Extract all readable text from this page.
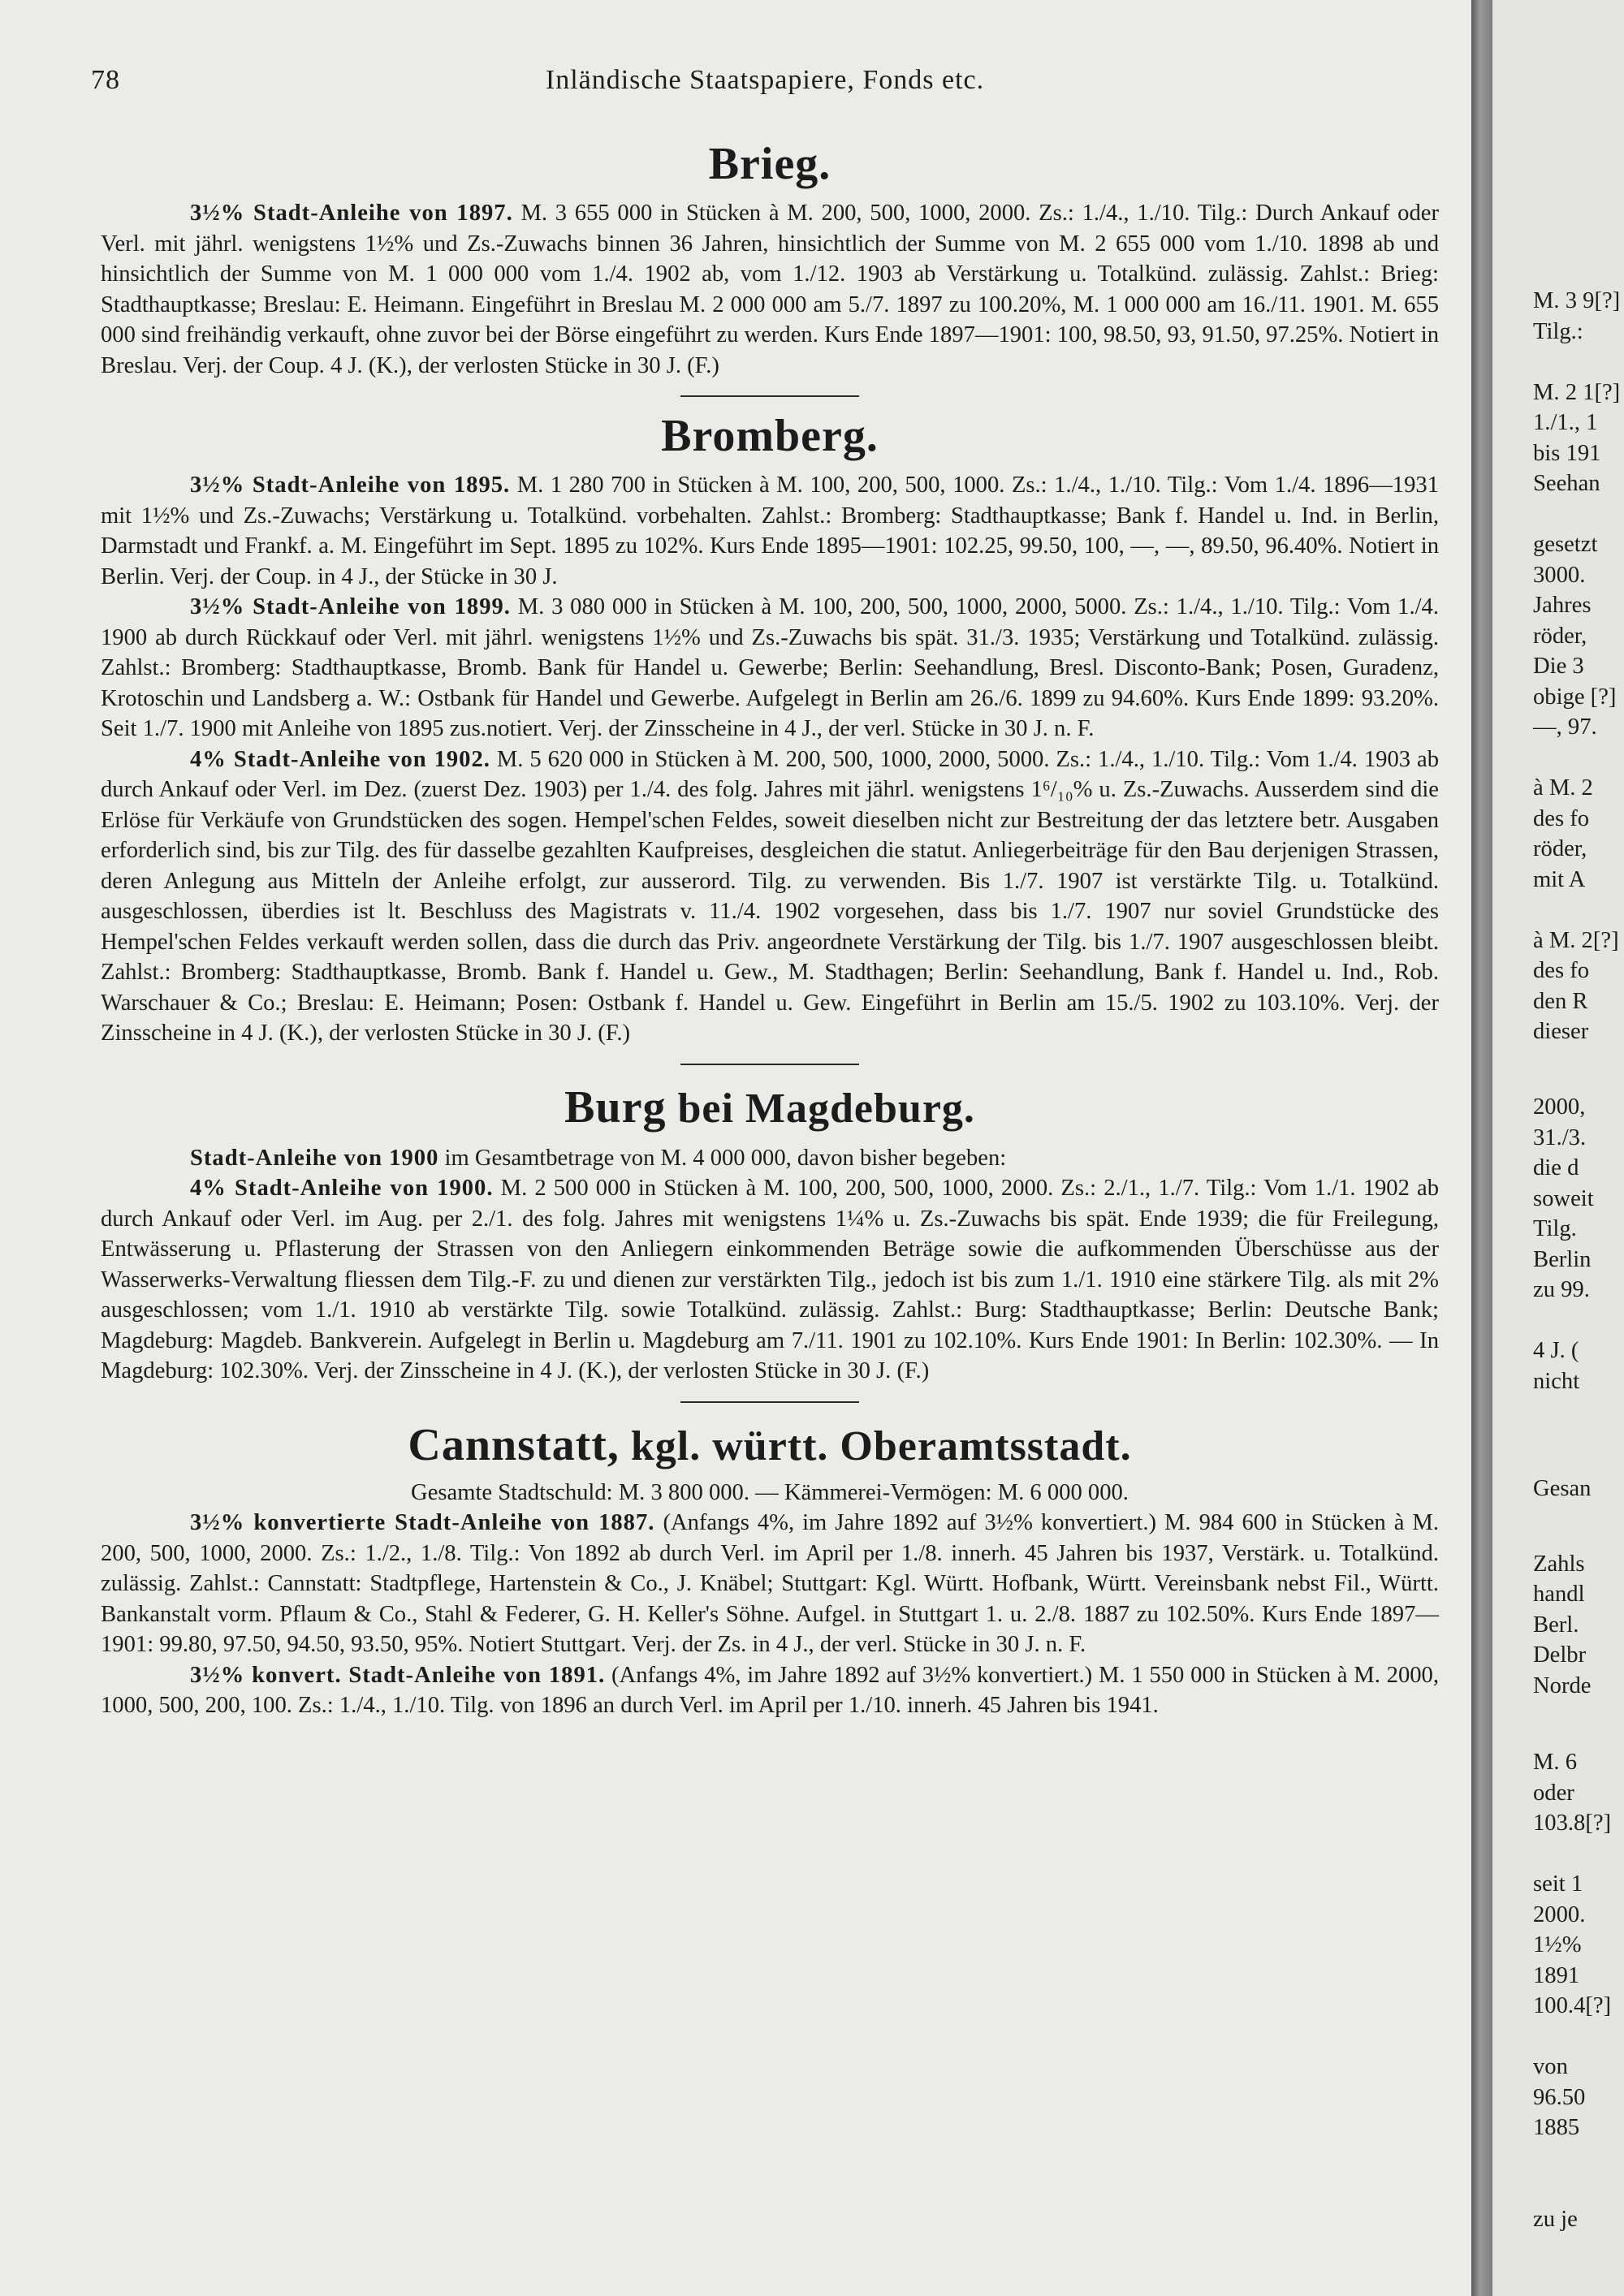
78	Inländische Staatspapiere, Fonds etc.
Brieg.

3½% Stadt-Anleihe von 1897. M. 3 655 000 in Stücken à M. 200, 500, 1000, 2000. Zs.: 1./4., 1./10. Tilg.: Durch Ankauf oder Verl. mit jährl. wenigstens 1½% und Zs.-Zuwachs binnen 36 Jahren, hinsichtlich der Summe von M. 2 655 000 vom 1./10. 1898 ab und hinsichtlich der Summe von M. 1 000 000 vom 1./4. 1902 ab, vom 1./12. 1903 ab Verstärkung u. Totalkünd. zulässig. Zahlst.: Brieg: Stadthauptkasse; Breslau: E. Heimann. Eingeführt in Breslau M. 2 000 000 am 5./7. 1897 zu 100.20%, M. 1 000 000 am 16./11. 1901. M. 655 000 sind freihändig verkauft, ohne zuvor bei der Börse eingeführt zu werden. Kurs Ende 1897—1901: 100, 98.50, 93, 91.50, 97.25%. Notiert in Breslau. Verj. der Coup. 4 J. (K.), der verlosten Stücke in 30 J. (F.)

Bromberg.

3½% Stadt-Anleihe von 1895. M. 1 280 700 in Stücken à M. 100, 200, 500, 1000. Zs.: 1./4., 1./10. Tilg.: Vom 1./4. 1896—1931 mit 1½% und Zs.-Zuwachs; Verstärkung u. Totalkünd. vorbehalten. Zahlst.: Bromberg: Stadthauptkasse; Bank f. Handel u. Ind. in Berlin, Darmstadt und Frankf. a. M. Eingeführt im Sept. 1895 zu 102%. Kurs Ende 1895—1901: 102.25, 99.50, 100, —, —, 89.50, 96.40%. Notiert in Berlin. Verj. der Coup. in 4 J., der Stücke in 30 J.

3½% Stadt-Anleihe von 1899. M. 3 080 000 in Stücken à M. 100, 200, 500, 1000, 2000, 5000. Zs.: 1./4., 1./10. Tilg.: Vom 1./4. 1900 ab durch Rückkauf oder Verl. mit jährl. wenigstens 1½% und Zs.-Zuwachs bis spät. 31./3. 1935; Verstärkung und Totalkünd. zulässig. Zahlst.: Bromberg: Stadthauptkasse, Bromb. Bank für Handel u. Gewerbe; Berlin: Seehandlung, Bresl. Disconto-Bank; Posen, Guradenz, Krotoschin und Landsberg a. W.: Ostbank für Handel und Gewerbe. Aufgelegt in Berlin am 26./6. 1899 zu 94.60%. Kurs Ende 1899: 93.20%. Seit 1./7. 1900 mit Anleihe von 1895 zus.notiert. Verj. der Zinsscheine in 4 J., der verl. Stücke in 30 J. n. F.

4% Stadt-Anleihe von 1902. M. 5 620 000 in Stücken à M. 200, 500, 1000, 2000, 5000. Zs.: 1./4., 1./10. Tilg.: Vom 1./4. 1903 ab durch Ankauf oder Verl. im Dez. (zuerst Dez. 1903) per 1./4. des folg. Jahres mit jährl. wenigstens 1⁶/₁₀% u. Zs.-Zuwachs. Ausserdem sind die Erlöse für Verkäufe von Grundstücken des sogen. Hempel'schen Feldes, soweit dieselben nicht zur Bestreitung der das letztere betr. Ausgaben erforderlich sind, bis zur Tilg. des für dasselbe gezahlten Kaufpreises, desgleichen die statut. Anliegerbeiträge für den Bau derjenigen Strassen, deren Anlegung aus Mitteln der Anleihe erfolgt, zur ausserord. Tilg. zu verwenden. Bis 1./7. 1907 ist verstärkte Tilg. u. Totalkünd. ausgeschlossen, überdies ist lt. Beschluss des Magistrats v. 11./4. 1902 vorgesehen, dass bis 1./7. 1907 nur soviel Grundstücke des Hempel'schen Feldes verkauft werden sollen, dass die durch das Priv. angeordnete Verstärkung der Tilg. bis 1./7. 1907 ausgeschlossen bleibt. Zahlst.: Bromberg: Stadthauptkasse, Bromb. Bank f. Handel u. Gew., M. Stadthagen; Berlin: Seehandlung, Bank f. Handel u. Ind., Rob. Warschauer & Co.; Breslau: E. Heimann; Posen: Ostbank f. Handel u. Gew. Eingeführt in Berlin am 15./5. 1902 zu 103.10%. Verj. der Zinsscheine in 4 J. (K.), der verlosten Stücke in 30 J. (F.)

Burg bei Magdeburg.

Stadt-Anleihe von 1900 im Gesamtbetrage von M. 4 000 000, davon bisher begeben:

4% Stadt-Anleihe von 1900. M. 2 500 000 in Stücken à M. 100, 200, 500, 1000, 2000. Zs.: 2./1., 1./7. Tilg.: Vom 1./1. 1902 ab durch Ankauf oder Verl. im Aug. per 2./1. des folg. Jahres mit wenigstens 1¼% u. Zs.-Zuwachs bis spät. Ende 1939; die für Freilegung, Entwässerung u. Pflasterung der Strassen von den Anliegern einkommenden Beträge sowie die aufkommenden Überschüsse aus der Wasserwerks-Verwaltung fliessen dem Tilg.-F. zu und dienen zur verstärkten Tilg., jedoch ist bis zum 1./1. 1910 eine stärkere Tilg. als mit 2% ausgeschlossen; vom 1./1. 1910 ab verstärkte Tilg. sowie Totalkünd. zulässig. Zahlst.: Burg: Stadthauptkasse; Berlin: Deutsche Bank; Magdeburg: Magdeb. Bankverein. Aufgelegt in Berlin u. Magdeburg am 7./11. 1901 zu 102.10%. Kurs Ende 1901: In Berlin: 102.30%. — In Magdeburg: 102.30%. Verj. der Zinsscheine in 4 J. (K.), der verlosten Stücke in 30 J. (F.)

Cannstatt, kgl. württ. Oberamtsstadt.

Gesamte Stadtschuld: M. 3 800 000. — Kämmerei-Vermögen: M. 6 000 000.

3½% konvertierte Stadt-Anleihe von 1887. (Anfangs 4%, im Jahre 1892 auf 3½% konvertiert.) M. 984 600 in Stücken à M. 200, 500, 1000, 2000. Zs.: 1./2., 1./8. Tilg.: Von 1892 ab durch Verl. im April per 1./8. innerh. 45 Jahren bis 1937, Verstärk. u. Totalkünd. zulässig. Zahlst.: Cannstatt: Stadtpflege, Hartenstein & Co., J. Knäbel; Stuttgart: Kgl. Württ. Hofbank, Württ. Vereinsbank nebst Fil., Württ. Bankanstalt vorm. Pflaum & Co., Stahl & Federer, G. H. Keller's Söhne. Aufgel. in Stuttgart 1. u. 2./8. 1887 zu 102.50%. Kurs Ende 1897—1901: 99.80, 97.50, 94.50, 93.50, 95%. Notiert Stuttgart. Verj. der Zs. in 4 J., der verl. Stücke in 30 J. n. F.

3½% konvert. Stadt-Anleihe von 1891. (Anfangs 4%, im Jahre 1892 auf 3½% konvertiert.) M. 1 550 000 in Stücken à M. 2000, 1000, 500, 200, 100. Zs.: 1./4., 1./10. Tilg. von 1896 an durch Verl. im April per 1./10. innerh. 45 Jahren bis 1941.

M. 3 9[?]
Tilg.:
M. 2 1[?]
1./1., 1
bis 191
Seehan
gesetzt
3000.
Jahres
röder,
Die 3
obige [?]
—, 97.
à M. 2
des fo
röder,
mit A
à M. 2[?]
des fo
den R
dieser
2000,
31./3.
die d
soweit
Tilg.
Berlin
zu 99.
4 J. (
nicht
Gesan
Zahls
handl
Berl.
Delbr
Norde
M. 6
oder
103.8[?]
seit 1
2000.
1½%
1891
100.4[?]
von
96.50
1885
zu je
